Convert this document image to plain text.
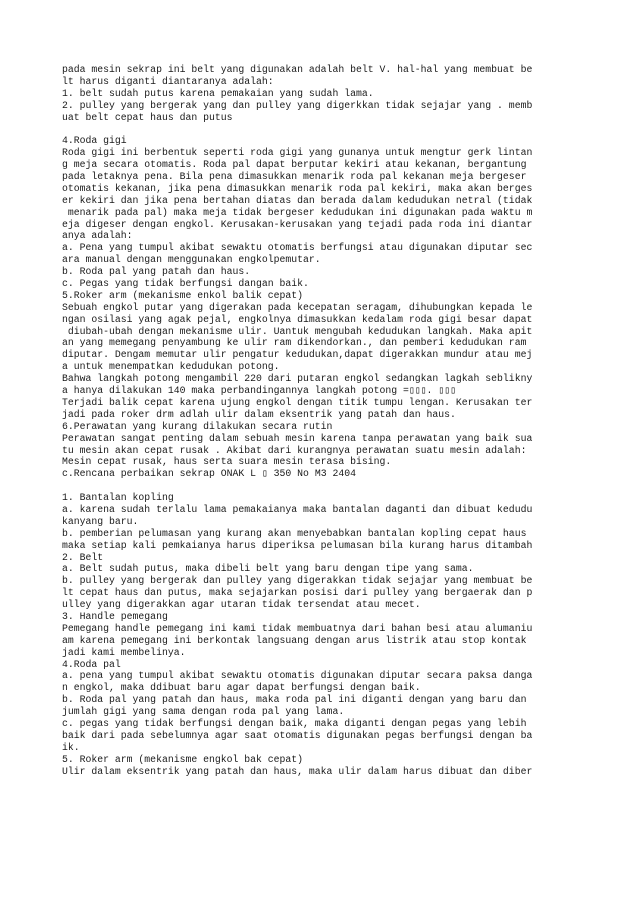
pada mesin sekrap ini belt yang digunakan adalah belt V. hal-hal yang membuat be
lt harus diganti diantaranya adalah:
1. belt sudah putus karena pemakaian yang sudah lama.
2. pulley yang bergerak yang dan pulley yang digerkkan tidak sejajar yang . memb
uat belt cepat haus dan putus
4.Roda gigi
Roda gigi ini berbentuk seperti roda gigi yang gunanya untuk mengtur gerk lintan
g meja secara otomatis. Roda pal dapat berputar kekiri atau kekanan, bergantung
pada letaknya pena. Bila pena dimasukkan menarik roda pal kekanan meja bergeser
otomatis kekanan, jika pena dimasukkan menarik roda pal kekiri, maka akan berges
er kekiri dan jika pena bertahan diatas dan berada dalam kedudukan netral (tidak
menarik pada pal) maka meja tidak bergeser kedudukan ini digunakan pada waktu m
eja digeser dengan engkol. Kerusakan-kerusakan yang tejadi pada roda ini diantar
anya adalah:
a. Pena yang tumpul akibat sewaktu otomatis berfungsi atau digunakan diputar sec
ara manual dengan menggunakan engkolpemutar.
b. Roda pal yang patah dan haus.
c. Pegas yang tidak berfungsi dangan baik.
5.Roker arm (mekanisme enkol balik cepat)
Sebuah engkol putar yang digerakan pada kecepatan seragam, dihubungkan kepada le
ngan osilasi yang agak pejal, engkolnya dimasukkan kedalam roda gigi besar dapat
diubah-ubah dengan mekanisme ulir. Uantuk mengubah kedudukan langkah. Maka apit
an yang memegang penyambung ke ulir ram dikendorkan., dan pemberi kedudukan ram
diputar. Dengam memutar ulir pengatur kedudukan,dapat digerakkan mundur atau mej
a untuk menempatkan kedudukan potong.
Bahwa langkah potong mengambil 220 dari putaran engkol sedangkan lagkah seblikny
a hanya dilakukan 140 maka perbandingannya langkah potong =▯▯▯. ▯▯▯
Terjadi balik cepat karena ujung engkol dengan titik tumpu lengan. Kerusakan ter
jadi pada roker drm adlah ulir dalam eksentrik yang patah dan haus.
6.Perawatan yang kurang dilakukan secara rutin
Perawatan sangat penting dalam sebuah mesin karena tanpa perawatan yang baik sua
tu mesin akan cepat rusak . Akibat dari kurangnya perawatan suatu mesin adalah:
Mesin cepat rusak, haus serta suara mesin terasa bising.
c.Rencana perbaikan sekrap ONAK L ▯ 350 No M3 2404
1. Bantalan kopling
a. karena sudah terlalu lama pemakaianya maka bantalan daganti dan dibuat kedudu
kanyang baru.
b. pemberian pelumasan yang kurang akan menyebabkan bantalan kopling cepat haus
maka setiap kali pemkaianya harus diperiksa pelumasan bila kurang harus ditambah
2. Belt
a. Belt sudah putus, maka dibeli belt yang baru dengan tipe yang sama.
b. pulley yang bergerak dan pulley yang digerakkan tidak sejajar yang membuat be
lt cepat haus dan putus, maka sejajarkan posisi dari pulley yang bergaerak dan p
ulley yang digerakkan agar utaran tidak tersendat atau mecet.
3. Handle pemegang
Pemegang handle pemegang ini kami tidak membuatnya dari bahan besi atau alumaniu
am karena pemegang ini berkontak langsuang dengan arus listrik atau stop kontak
jadi kami membelinya.
4.Roda pal
a. pena yang tumpul akibat sewaktu otomatis digunakan diputar secara paksa danga
n engkol, maka ddibuat baru agar dapat berfungsi dengan baik.
b. Roda pal yang patah dan haus, maka roda pal ini diganti dengan yang baru dan
jumlah gigi yang sama dengan roda pal yang lama.
c. pegas yang tidak berfungsi dengan baik, maka diganti dengan pegas yang lebih
baik dari pada sebelumnya agar saat otomatis digunakan pegas berfungsi dengan ba
ik.
5. Roker arm (mekanisme engkol bak cepat)
Ulir dalam eksentrik yang patah dan haus, maka ulir dalam harus dibuat dan diber
